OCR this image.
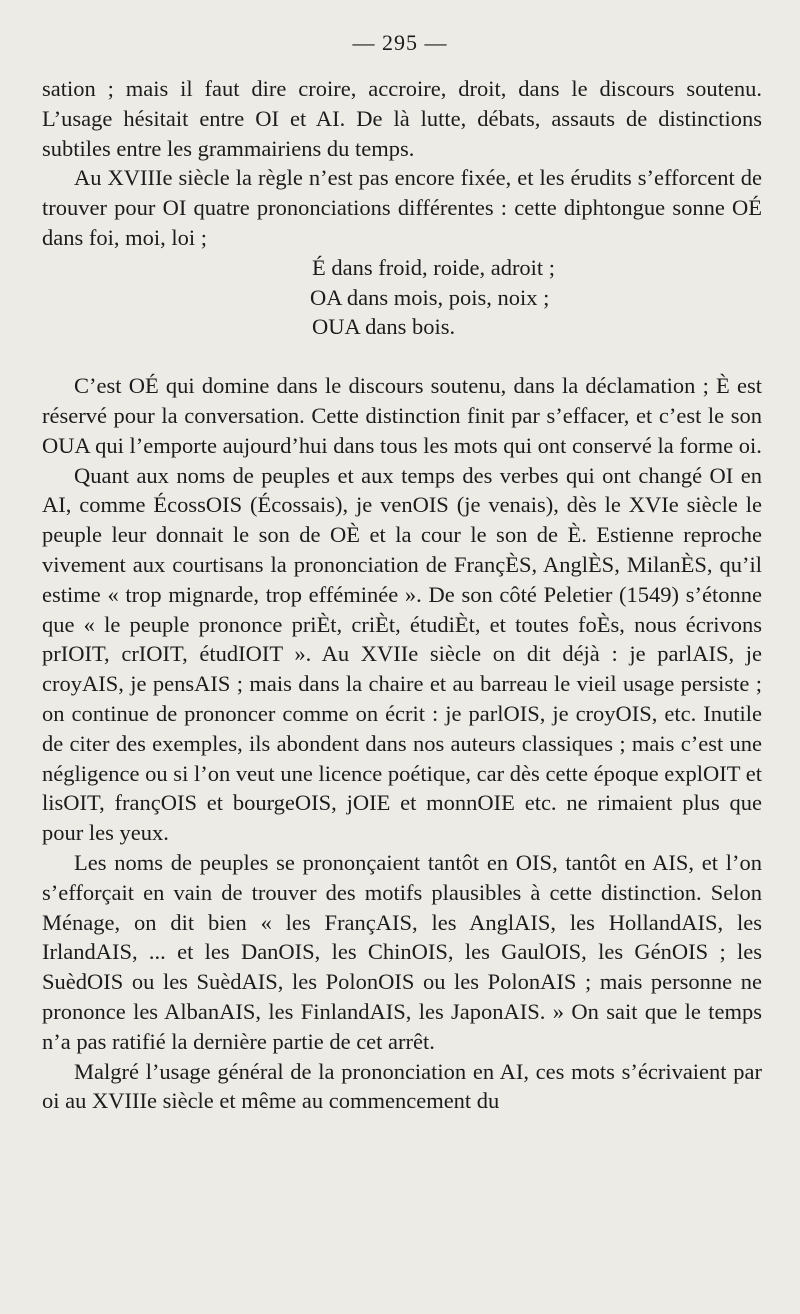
— 295 —

sation ; mais il faut dire croire, accroire, droit, dans le discours soutenu. L’usage hésitait entre OI et AI. De là lutte, débats, assauts de distinctions subtiles entre les grammairiens du temps.

Au XVIIIe siècle la règle n’est pas encore fixée, et les érudits s’efforcent de trouver pour OI quatre prononciations différentes : cette diphtongue sonne OÉ dans foi, moi, loi ;

É dans froid, roide, adroit ;
OA dans mois, pois, noix ;
OUA dans bois.

C’est OÉ qui domine dans le discours soutenu, dans la déclamation ; È est réservé pour la conversation. Cette distinction finit par s’effacer, et c’est le son OUA qui l’emporte aujourd’hui dans tous les mots qui ont conservé la forme oi.

Quant aux noms de peuples et aux temps des verbes qui ont changé OI en AI, comme ÉcossOIS (Écossais), je venOIS (je venais), dès le XVIe siècle le peuple leur donnait le son de OÈ et la cour le son de È. Estienne reproche vivement aux courtisans la prononciation de FrançÈS, AnglÈS, MilanÈS, qu’il estime « trop mignarde, trop efféminée ». De son côté Peletier (1549) s’étonne que « le peuple prononce priÈt, criÈt, étudiÈt, et toutes foÈs, nous écrivons prIOIT, crIOIT, étudIOIT ». Au XVIIe siècle on dit déjà : je parlAIS, je croyAIS, je pensAIS ; mais dans la chaire et au barreau le vieil usage persiste ; on continue de prononcer comme on écrit : je parlOIS, je croyOIS, etc. Inutile de citer des exemples, ils abondent dans nos auteurs classiques ; mais c’est une négligence ou si l’on veut une licence poétique, car dès cette époque explOIT et lisOIT, françOIS et bourgeOIS, jOIE et monnOIE etc. ne rimaient plus que pour les yeux.

Les noms de peuples se prononçaient tantôt en OIS, tantôt en AIS, et l’on s’efforçait en vain de trouver des motifs plausibles à cette distinction. Selon Ménage, on dit bien « les FrançAIS, les AnglAIS, les HollandAIS, les IrlandAIS, ... et les DanOIS, les ChinOIS, les GaulOIS, les GénOIS ; les SuèdOIS ou les SuèdAIS, les PolonOIS ou les PolonAIS ; mais personne ne prononce les AlbanAIS, les FinlandAIS, les JaponAIS. » On sait que le temps n’a pas ratifié la dernière partie de cet arrêt.

Malgré l’usage général de la prononciation en AI, ces mots s’écrivaient par oi au XVIIIe siècle et même au commencement du
